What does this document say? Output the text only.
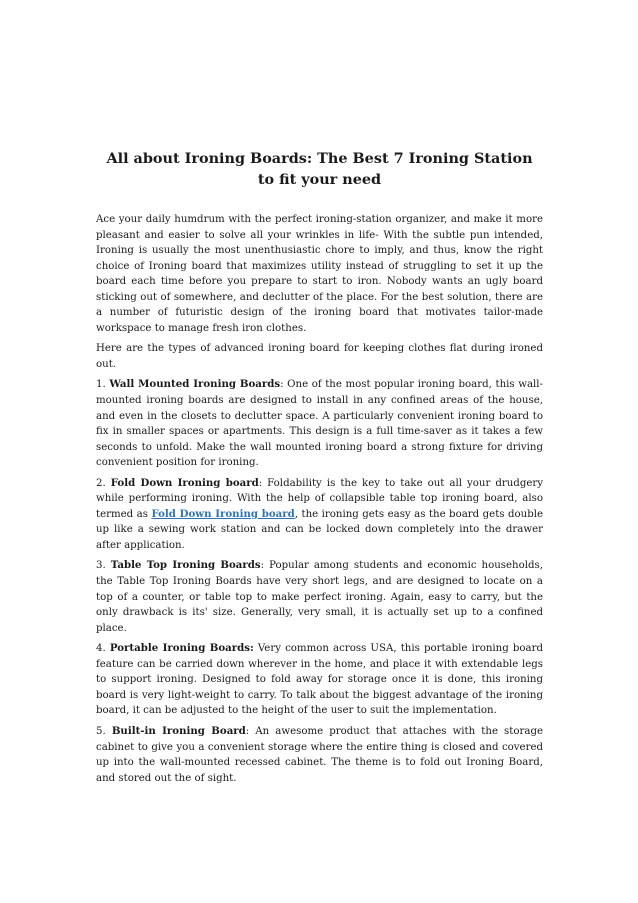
All about Ironing Boards: The Best 7 Ironing Station to fit your need

Ace your daily humdrum with the perfect ironing-station organizer, and make it more pleasant and easier to solve all your wrinkles in life- With the subtle pun intended, Ironing is usually the most unenthusiastic chore to imply, and thus, know the right choice of Ironing board that maximizes utility instead of struggling to set it up the board each time before you prepare to start to iron. Nobody wants an ugly board sticking out of somewhere, and declutter of the place. For the best solution, there are a number of futuristic design of the ironing board that motivates tailor-made workspace to manage fresh iron clothes.

Here are the types of advanced ironing board for keeping clothes flat during ironed out.

1. Wall Mounted Ironing Boards: One of the most popular ironing board, this wall-mounted ironing boards are designed to install in any confined areas of the house, and even in the closets to declutter space. A particularly convenient ironing board to fix in smaller spaces or apartments. This design is a full time-saver as it takes a few seconds to unfold. Make the wall mounted ironing board a strong fixture for driving convenient position for ironing.

2. Fold Down Ironing board: Foldability is the key to take out all your drudgery while performing ironing. With the help of collapsible table top ironing board, also termed as Fold Down Ironing board, the ironing gets easy as the board gets double up like a sewing work station and can be locked down completely into the drawer after application.

3. Table Top Ironing Boards: Popular among students and economic households, the Table Top Ironing Boards have very short legs, and are designed to locate on a top of a counter, or table top to make perfect ironing. Again, easy to carry, but the only drawback is its' size. Generally, very small, it is actually set up to a confined place.

4. Portable Ironing Boards: Very common across USA, this portable ironing board feature can be carried down wherever in the home, and place it with extendable legs to support ironing. Designed to fold away for storage once it is done, this ironing board is very light-weight to carry. To talk about the biggest advantage of the ironing board, it can be adjusted to the height of the user to suit the implementation.

5. Built-in Ironing Board: An awesome product that attaches with the storage cabinet to give you a convenient storage where the entire thing is closed and covered up into the wall-mounted recessed cabinet. The theme is to fold out Ironing Board, and stored out the of sight.
